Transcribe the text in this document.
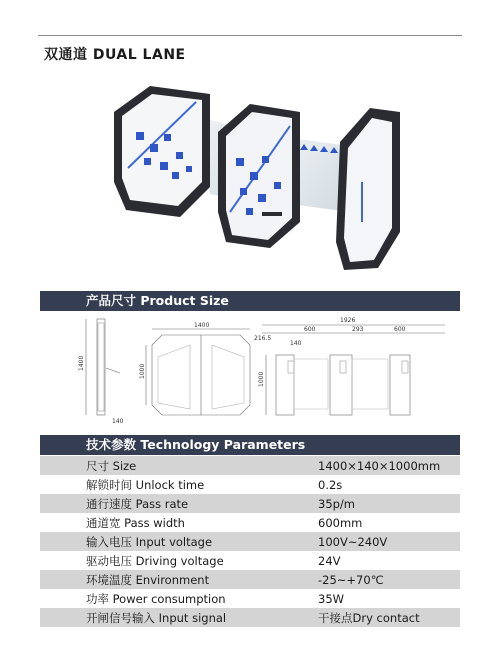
双通道 DUAL LANE
产品尺寸 Product Size
1400
140
1400
1000
1000
1926
216.5
600
140
293	600
技术参数 Technology Parameters
尺寸 Size	1400×140×1000mm
解锁时间 Unlock time	0.2s
通行速度 Pass rate	35p/m
通道宽 Pass width	600mm
输入电压 Input voltage	100V~240V
驱动电压 Driving voltage	24V
环境温度 Environment	-25~+70℃
功率 Power consumption	35W
开闸信号输入 Input signal	干接点Dry contact
